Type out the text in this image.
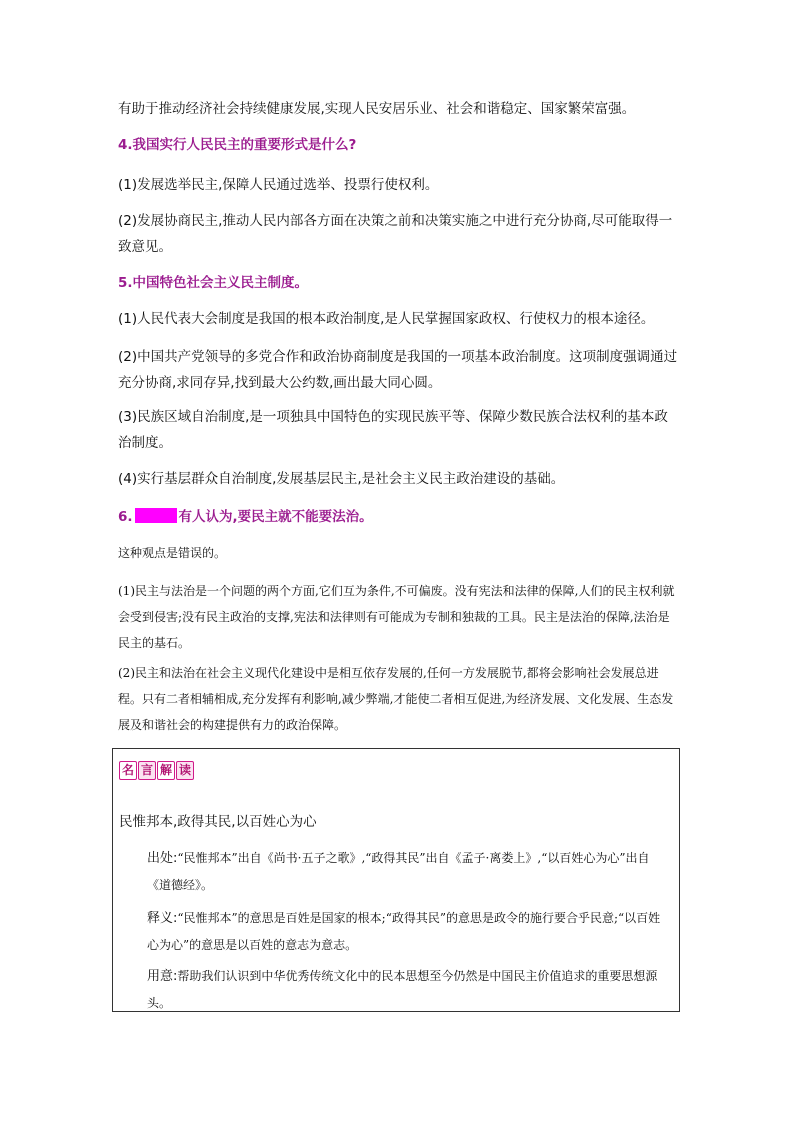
有助于推动经济社会持续健康发展,实现人民安居乐业、社会和谐稳定、国家繁荣富强。

4.我国实行人民民主的重要形式是什么?

(1)发展选举民主,保障人民通过选举、投票行使权利。

(2)发展协商民主,推动人民内部各方面在决策之前和决策实施之中进行充分协商,尽可能取得一致意见。

5.中国特色社会主义民主制度。

(1)人民代表大会制度是我国的根本政治制度,是人民掌握国家政权、行使权力的根本途径。

(2)中国共产党领导的多党合作和政治协商制度是我国的一项基本政治制度。这项制度强调通过充分协商,求同存异,找到最大公约数,画出最大同心圆。

(3)民族区域自治制度,是一项独具中国特色的实现民族平等、保障少数民族合法权利的基本政治制度。

(4)实行基层群众自治制度,发展基层民主,是社会主义民主政治建设的基础。

6.	有人认为,要民主就不能要法治。

这种观点是错误的。

(1)民主与法治是一个问题的两个方面,它们互为条件,不可偏废。没有宪法和法律的保障,人们的民主权利就会受到侵害;没有民主政治的支撑,宪法和法律则有可能成为专制和独裁的工具。民主是法治的保障,法治是民主的基石。

(2)民主和法治在社会主义现代化建设中是相互依存发展的,任何一方发展脱节,都将会影响社会发展总进程。只有二者相辅相成,充分发挥有利影响,减少弊端,才能使二者相互促进,为经济发展、文化发展、生态发展及和谐社会的构建提供有力的政治保障。

名 言 解 读

民惟邦本,政得其民,以百姓心为心

出处:“民惟邦本”出自《尚书·五子之歌》,“政得其民”出自《孟子·离娄上》,“以百姓心为心”出自《道德经》。

释义:“民惟邦本”的意思是百姓是国家的根本;“政得其民”的意思是政令的施行要合乎民意;“以百姓心为心”的意思是以百姓的意志为意志。

用意:帮助我们认识到中华优秀传统文化中的民本思想至今仍然是中国民主价值追求的重要思想源头。
